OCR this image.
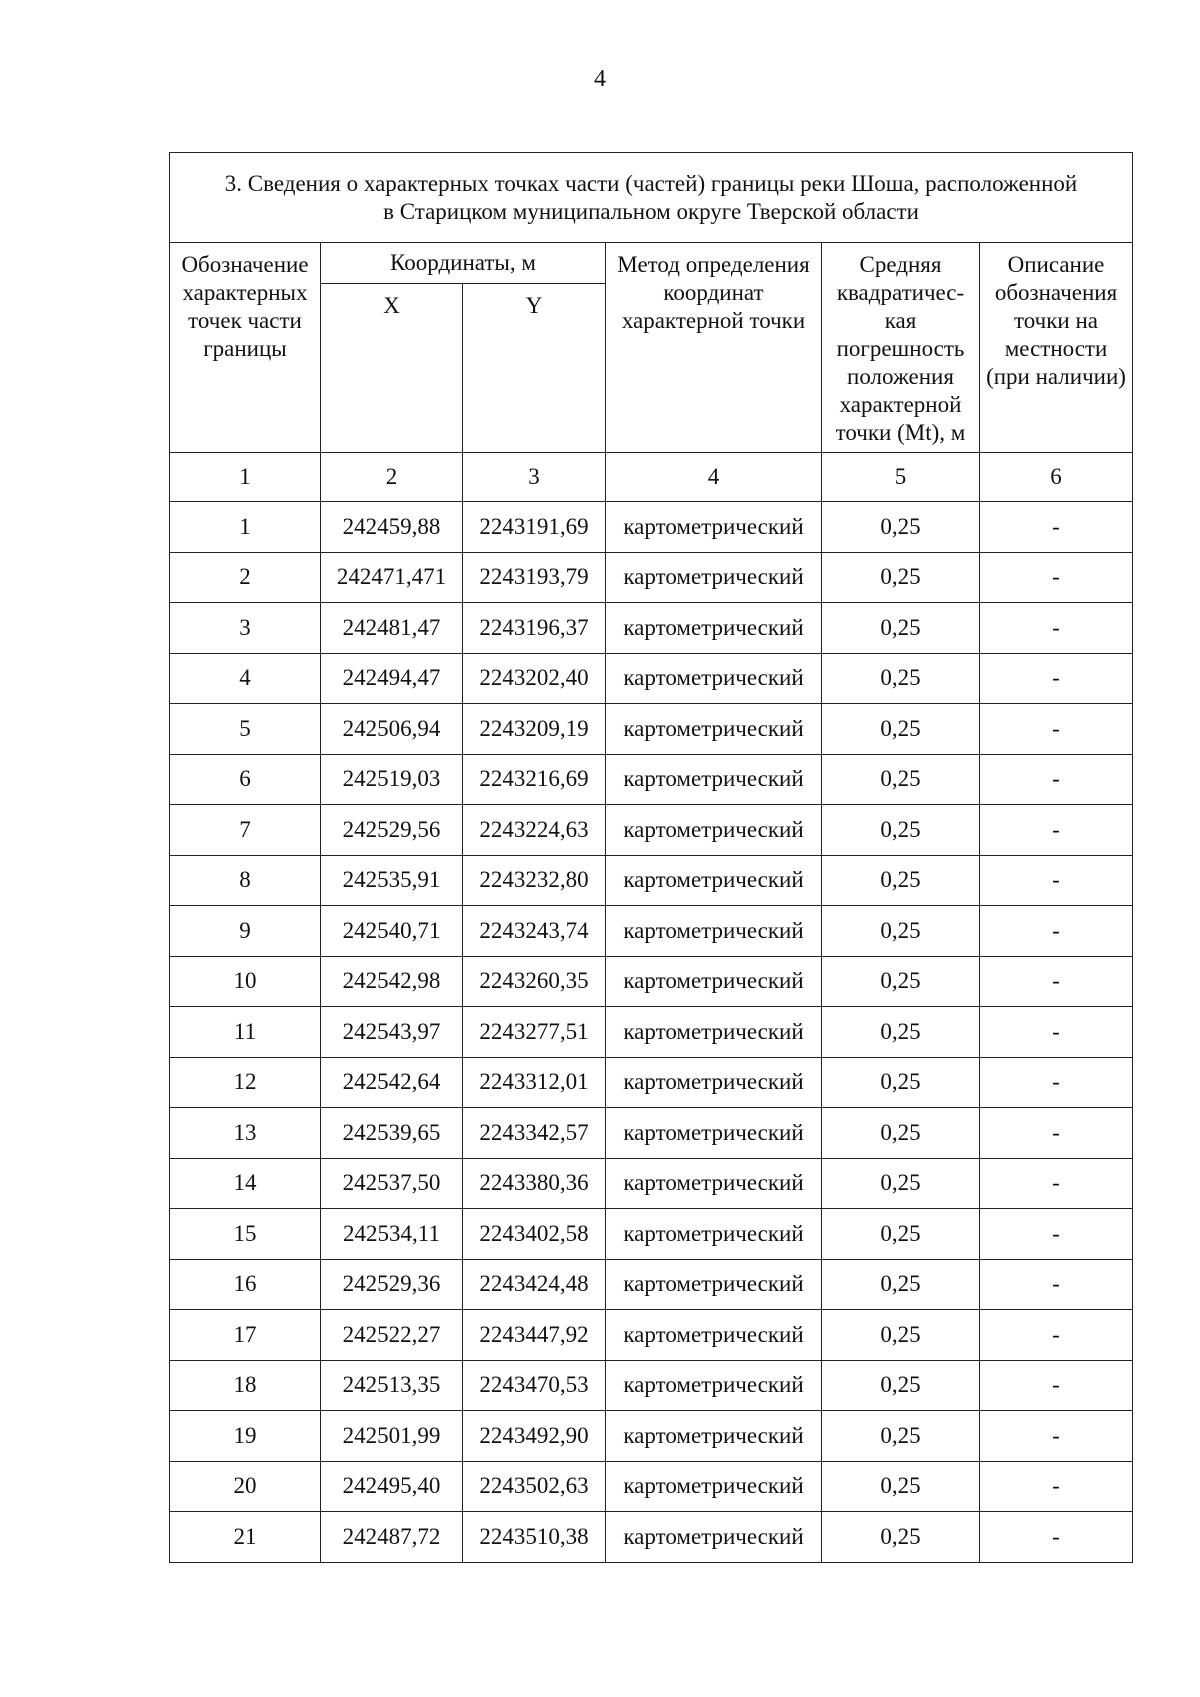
4
3. Сведения о характерных точках части (частей) границы реки Шоша, расположенной
в Старицком муниципальном округе Тверской области					

Обозначение характерных точек части границы	Координаты, м		Метод определения координат характерной точки	Средняя квадратичес-кая погрешность положения характерной точки (Mt), м	Описание обозначения точки на местности (при наличии)
	X	Y			
1	2	3	4	5	6
1	242459,88	2243191,69	картометрический	0,25	-
2	242471,471	2243193,79	картометрический	0,25	-
3	242481,47	2243196,37	картометрический	0,25	-
4	242494,47	2243202,40	картометрический	0,25	-
5	242506,94	2243209,19	картометрический	0,25	-
6	242519,03	2243216,69	картометрический	0,25	-
7	242529,56	2243224,63	картометрический	0,25	-
8	242535,91	2243232,80	картометрический	0,25	-
9	242540,71	2243243,74	картометрический	0,25	-
10	242542,98	2243260,35	картометрический	0,25	-
11	242543,97	2243277,51	картометрический	0,25	-
12	242542,64	2243312,01	картометрический	0,25	-
13	242539,65	2243342,57	картометрический	0,25	-
14	242537,50	2243380,36	картометрический	0,25	-
15	242534,11	2243402,58	картометрический	0,25	-
16	242529,36	2243424,48	картометрический	0,25	-
17	242522,27	2243447,92	картометрический	0,25	-
18	242513,35	2243470,53	картометрический	0,25	-
19	242501,99	2243492,90	картометрический	0,25	-
20	242495,40	2243502,63	картометрический	0,25	-
21	242487,72	2243510,38	картометрический	0,25	-
